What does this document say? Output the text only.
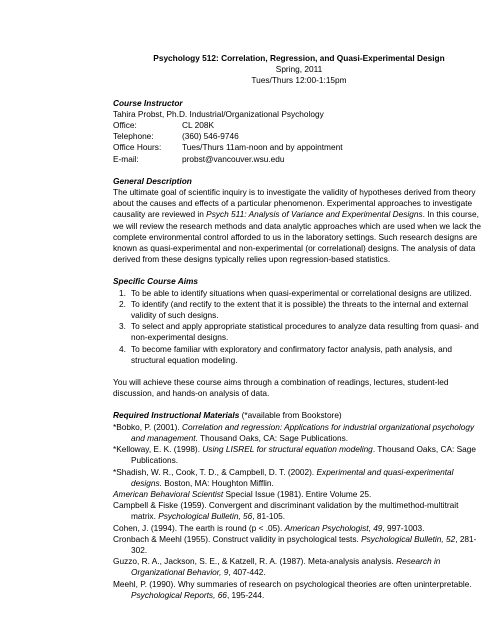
Psychology 512: Correlation, Regression, and Quasi-Experimental Design
Spring, 2011
Tues/Thurs 12:00-1:15pm
Course Instructor
Tahira Probst, Ph.D. Industrial/Organizational Psychology
Office:	CL 208K
Telephone:	(360) 546-9746
Office Hours:	Tues/Thurs 11am-noon and by appointment
E-mail:	probst@vancouver.wsu.edu
General Description

The ultimate goal of scientific inquiry is to investigate the validity of hypotheses derived from theory about the causes and effects of a particular phenomenon. Experimental approaches to investigate causality are reviewed in Psych 511: Analysis of Variance and Experimental Designs. In this course, we will review the research methods and data analytic approaches which are used when we lack the complete environmental control afforded to us in the laboratory settings. Such research designs are known as quasi-experimental and non-experimental (or correlational) designs. The analysis of data derived from these designs typically relies upon regression-based statistics.

Specific Course Aims
1. To be able to identify situations when quasi-experimental or correlational designs are utilized.
2. To identify (and rectify to the extent that it is possible) the threats to the internal and external validity of such designs.
3. To select and apply appropriate statistical procedures to analyze data resulting from quasi- and non-experimental designs.
4. To become familiar with exploratory and confirmatory factor analysis, path analysis, and structural equation modeling.

You will achieve these course aims through a combination of readings, lectures, student-led discussion, and hands-on analysis of data.

Required Instructional Materials (*available from Bookstore)
*Bobko, P. (2001). Correlation and regression: Applications for industrial organizational psychology and management. Thousand Oaks, CA: Sage Publications.
*Kelloway, E. K. (1998). Using LISREL for structural equation modeling. Thousand Oaks, CA: Sage Publications.
*Shadish, W. R., Cook, T. D., & Campbell, D. T. (2002). Experimental and quasi-experimental designs. Boston, MA: Houghton Mifflin.
American Behavioral Scientist Special Issue (1981). Entire Volume 25.
Campbell & Fiske (1959). Convergent and discriminant validation by the multimethod-multitrait matrix. Psychological Bulletin, 56, 81-105.
Cohen, J. (1994). The earth is round (p < .05). American Psychologist, 49, 997-1003.
Cronbach & Meehl (1955). Construct validity in psychological tests. Psychological Bulletin, 52, 281-302.
Guzzo, R. A., Jackson, S. E., & Katzell, R. A. (1987). Meta-analysis analysis. Research in Organizational Behavior, 9, 407-442.
Meehl, P. (1990). Why summaries of research on psychological theories are often uninterpretable. Psychological Reports, 66, 195-244.
